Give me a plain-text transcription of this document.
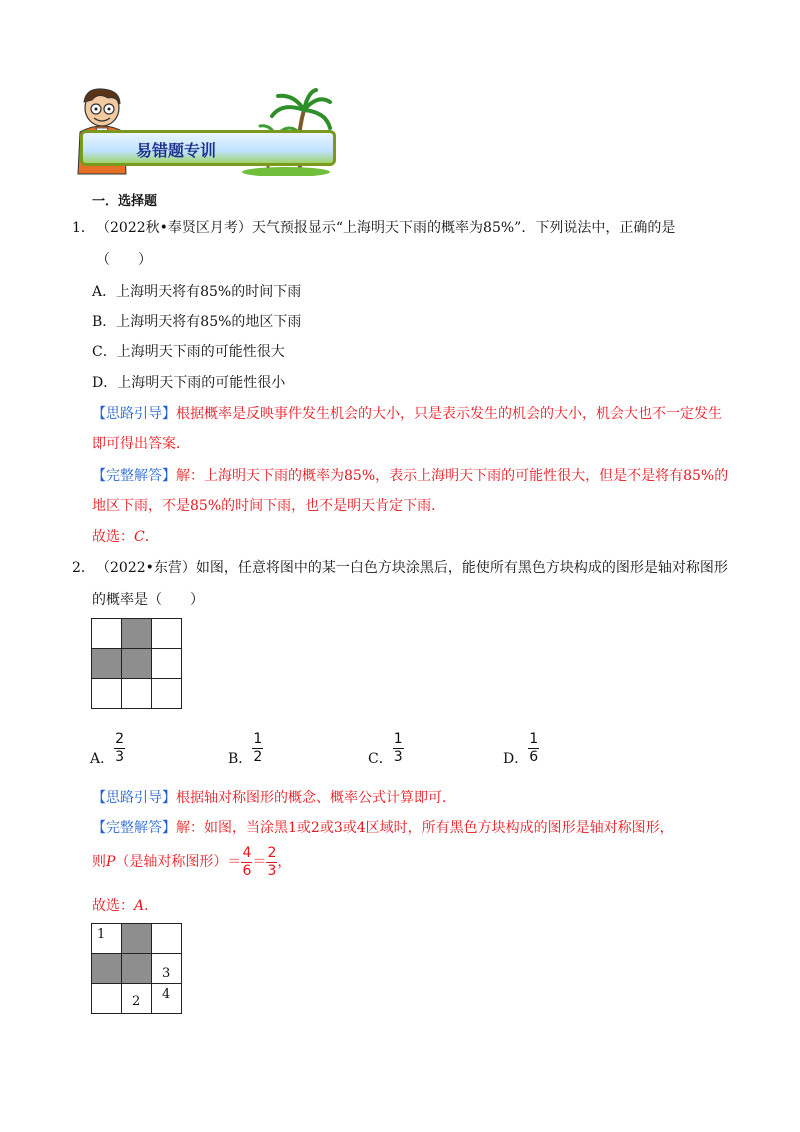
易错题专训
一．选择题
1． （2022秋•奉贤区月考）天气预报显示“上海明天下雨的概率为85%”．下列说法中，正确的是
（　　）
A．上海明天将有85%的时间下雨
B．上海明天将有85%的地区下雨
C．上海明天下雨的可能性很大
D．上海明天下雨的可能性很小
【思路引导】根据概率是反映事件发生机会的大小，只是表示发生的机会的大小，机会大也不一定发生
即可得出答案．
【完整解答】解：上海明天下雨的概率为85%，表示上海明天下雨的可能性很大，但是不是将有85%的
地区下雨，不是85%的时间下雨，也不是明天肯定下雨．
故选：C．
2． （2022•东营）如图，任意将图中的某一白色方块涂黑后，能使所有黑色方块构成的图形是轴对称图形
的概率是（　　）

A． $\frac{2}{3}$	B． $\frac{1}{2}$	C． $\frac{1}{3}$	D． $\frac{1}{6}$
【思路引导】根据轴对称图形的概念、概率公式计算即可．
【完整解答】解：如图，当涂黑1或2或3或4区域时，所有黑色方块构成的图形是轴对称图形，
则P（是轴对称图形）＝ $\frac{4}{6} = \frac{2}{3}$ ，
故选：A．
1		

		3

	2	4
